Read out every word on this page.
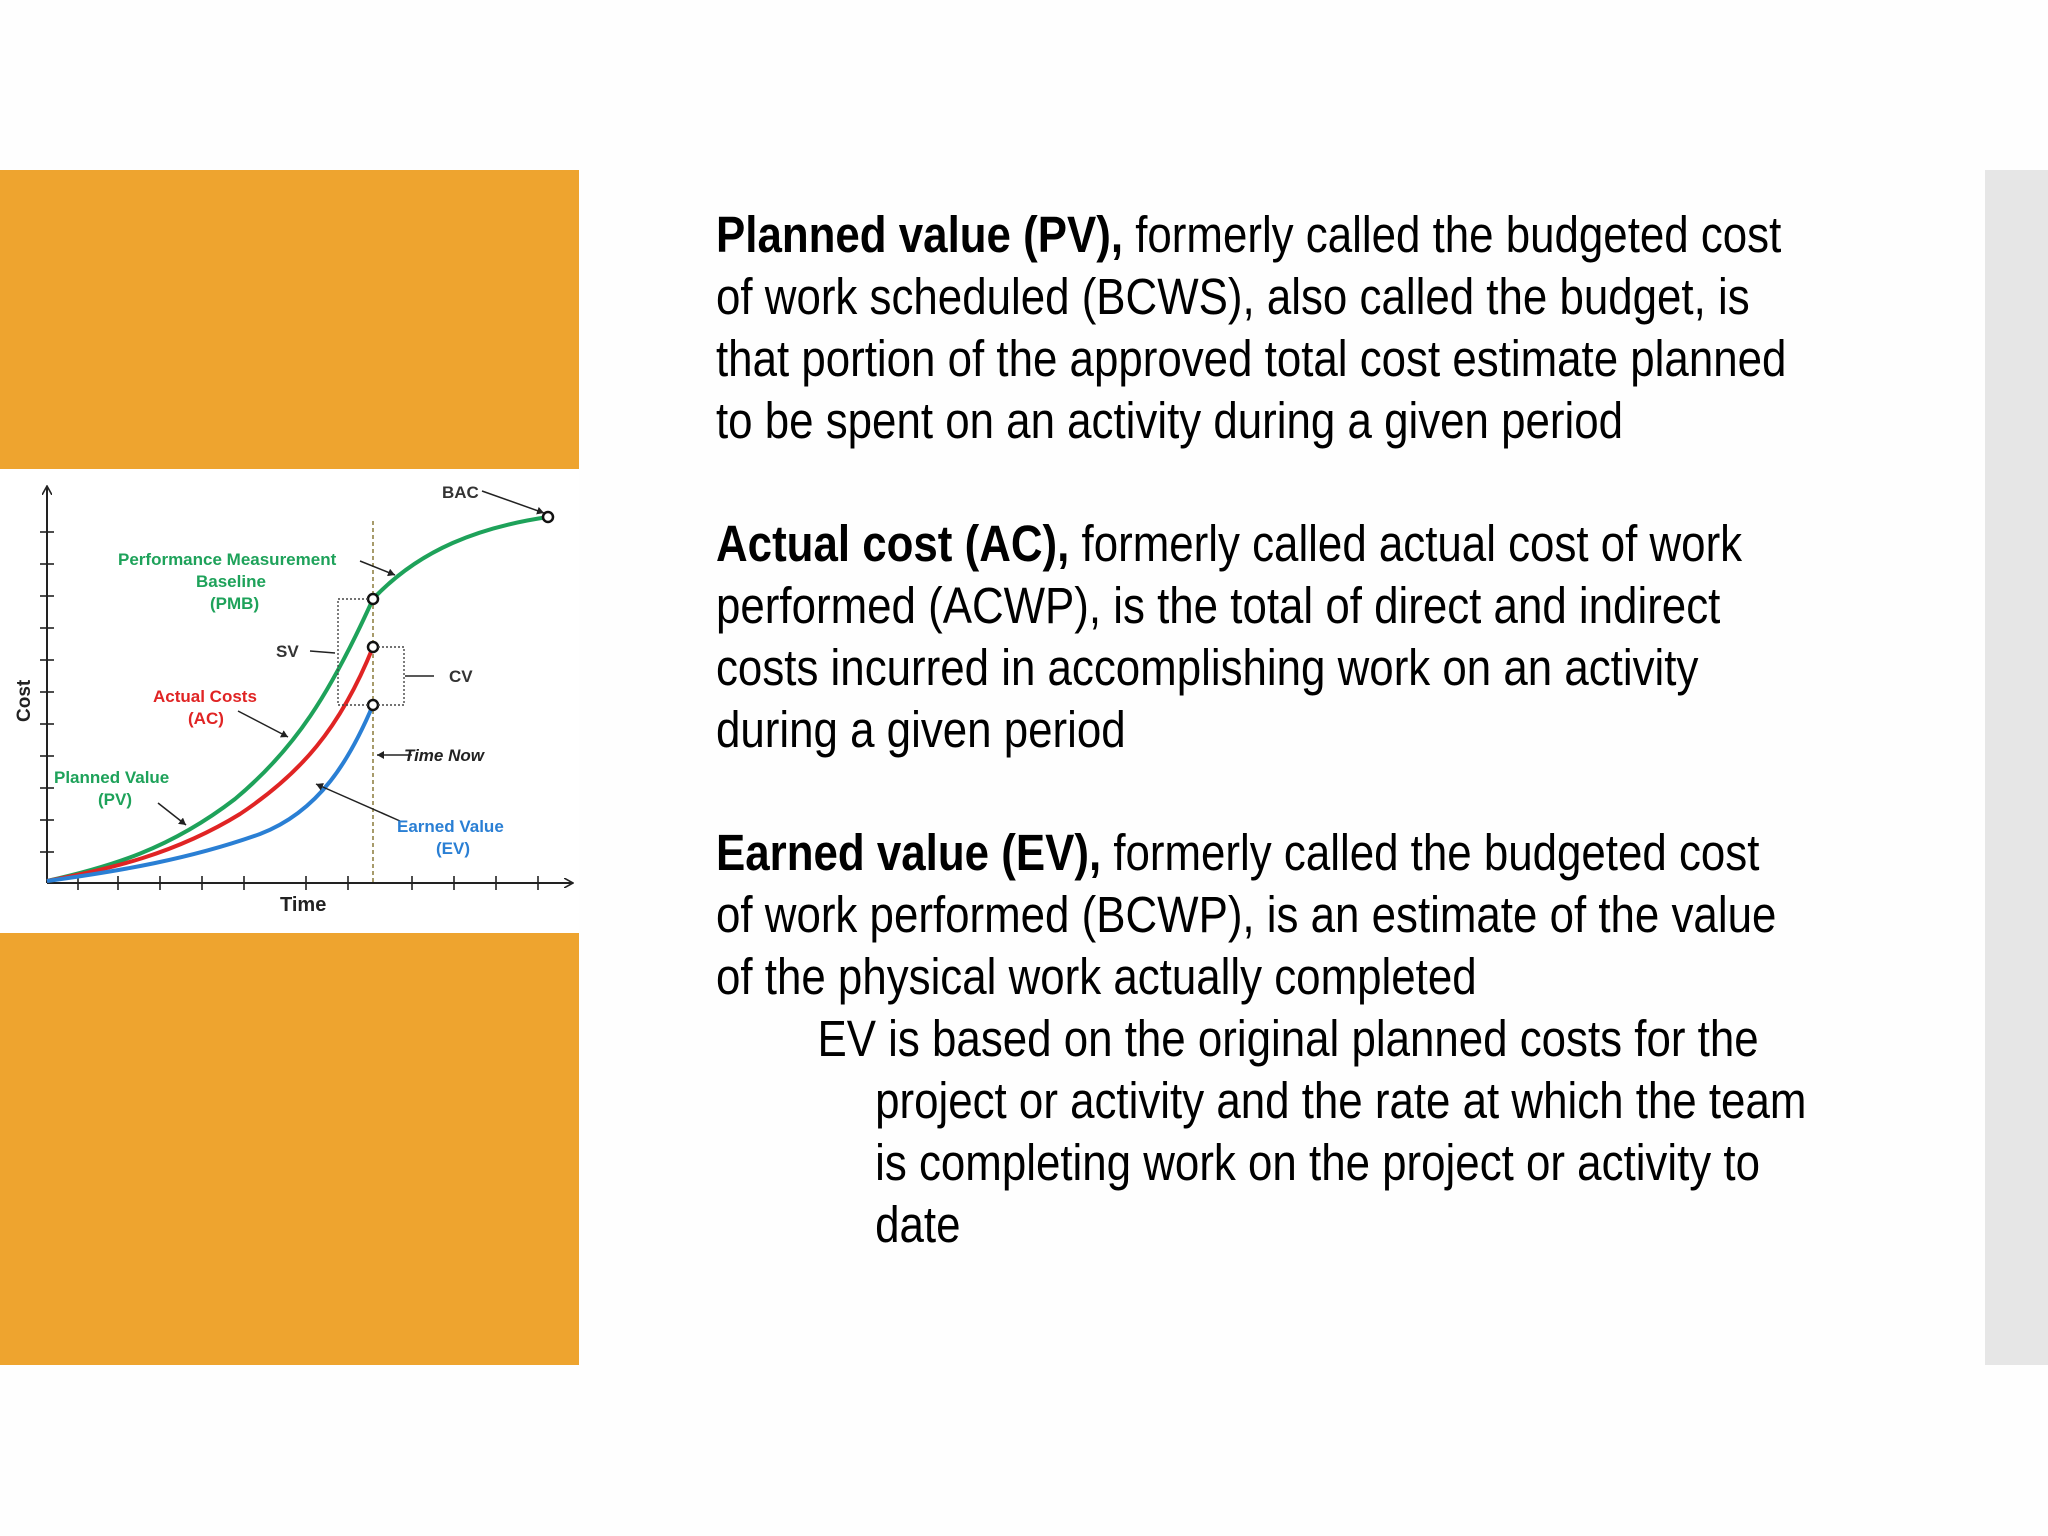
BAC
Performance Measurement
Baseline
(PMB)
SV
CV
Actual Costs
(AC)
Planned Value
(PV)
Earned Value
(EV)
Time
Time Now
Cost
Planned value (PV), formerly called the budgeted cost
of work scheduled (BCWS), also called the budget, is
that portion of the approved total cost estimate planned
to be spent on an activity during a given period
Actual cost (AC), formerly called actual cost of work
performed (ACWP), is the total of direct and indirect
costs incurred in accomplishing work on an activity
during a given period
Earned value (EV), formerly called the budgeted cost
of work performed (BCWP), is an estimate of the value
of the physical work actually completed
EV is based on the original planned costs for the
project or activity and the rate at which the team
is completing work on the project or activity to
date
